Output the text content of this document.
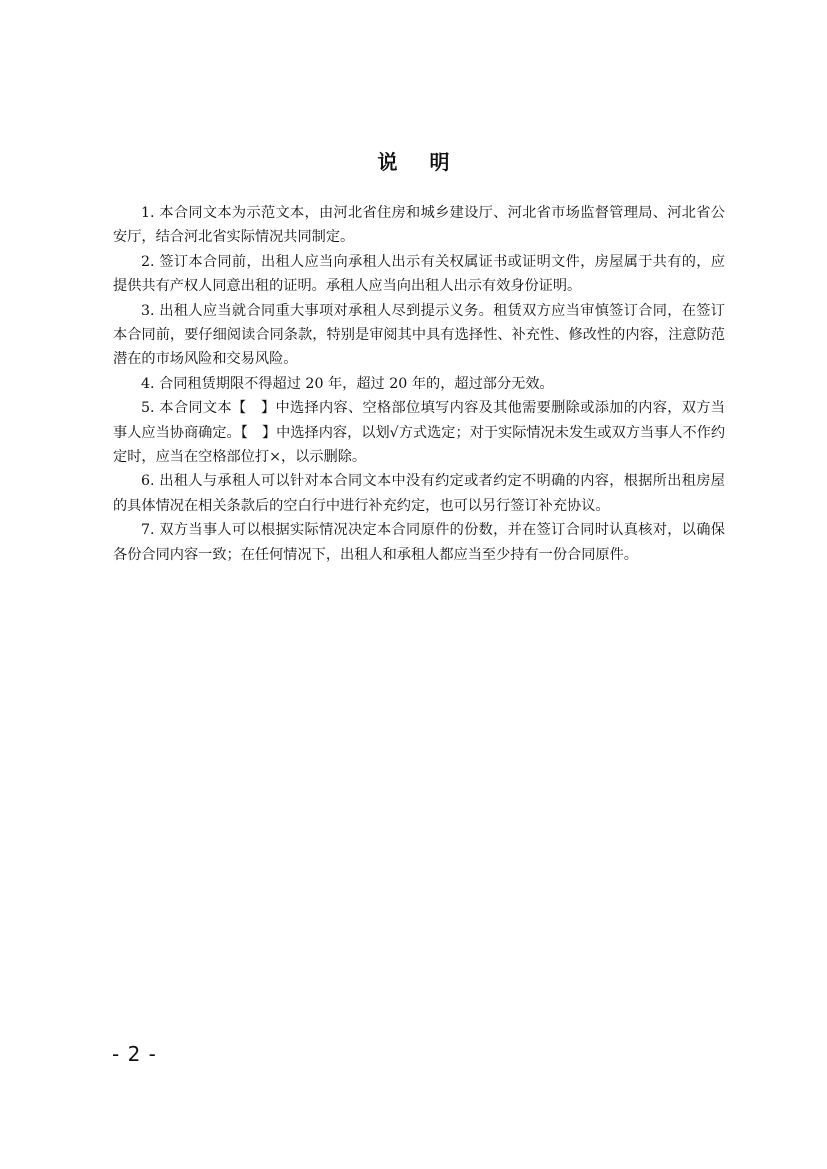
说 明

1. 本合同文本为示范文本，由河北省住房和城乡建设厅、河北省市场监督管理局、河北省公安厅，结合河北省实际情况共同制定。

2. 签订本合同前，出租人应当向承租人出示有关权属证书或证明文件，房屋属于共有的，应提供共有产权人同意出租的证明。承租人应当向出租人出示有效身份证明。

3. 出租人应当就合同重大事项对承租人尽到提示义务。租赁双方应当审慎签订合同，在签订本合同前，要仔细阅读合同条款，特别是审阅其中具有选择性、补充性、修改性的内容，注意防范潜在的市场风险和交易风险。

4. 合同租赁期限不得超过 20 年，超过 20 年的，超过部分无效。

5. 本合同文本【　】中选择内容、空格部位填写内容及其他需要删除或添加的内容，双方当事人应当协商确定。【　】中选择内容，以划√方式选定；对于实际情况未发生或双方当事人不作约定时，应当在空格部位打×，以示删除。

6. 出租人与承租人可以针对本合同文本中没有约定或者约定不明确的内容，根据所出租房屋的具体情况在相关条款后的空白行中进行补充约定，也可以另行签订补充协议。

7. 双方当事人可以根据实际情况决定本合同原件的份数，并在签订合同时认真核对，以确保各份合同内容一致；在任何情况下，出租人和承租人都应当至少持有一份合同原件。

- 2 -
